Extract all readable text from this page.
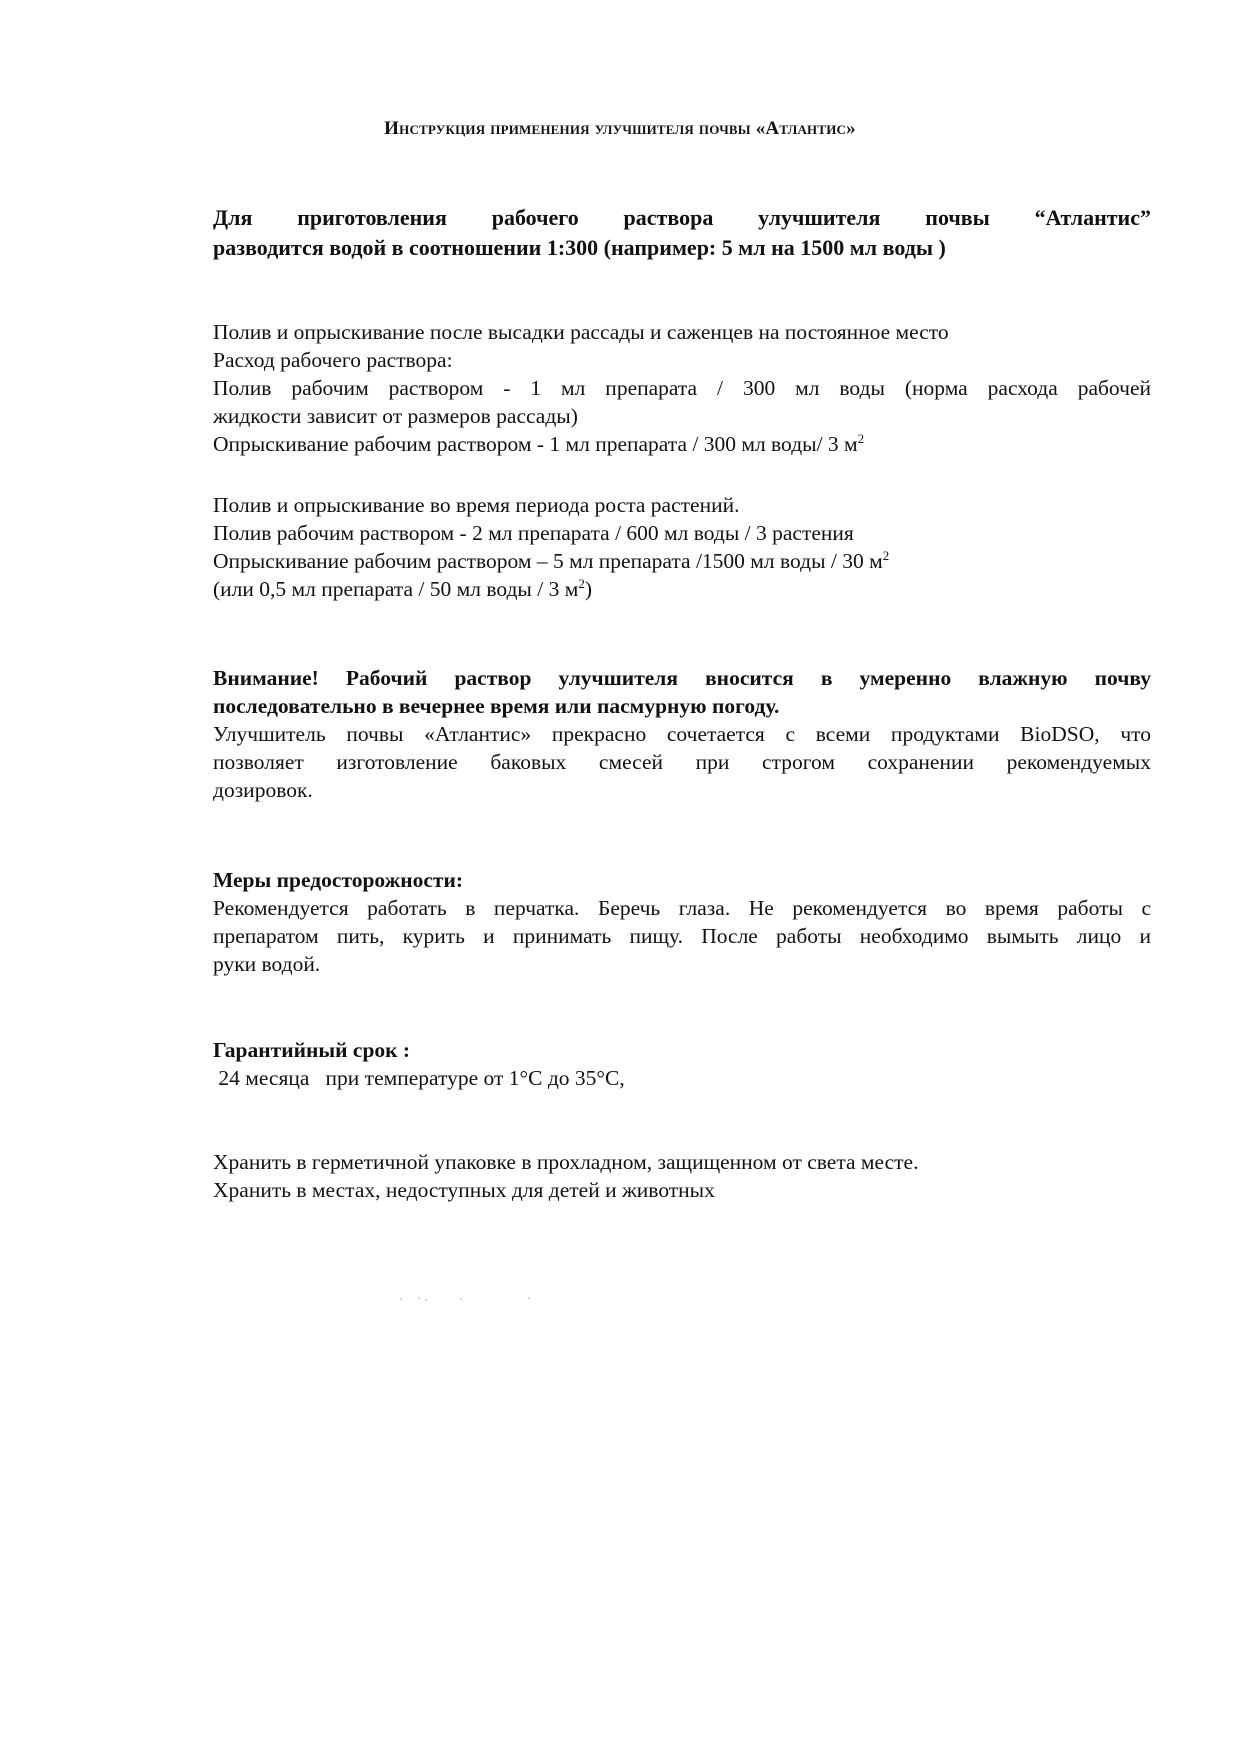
Инструкция применения улучшителя почвы «Атлантис»
Для приготовления рабочего раствора улучшителя почвы “Атлантис”
разводится водой в соотношении 1:300 (например: 5 мл на 1500 мл воды )
Полив и опрыскивание после высадки рассады и саженцев на постоянное место
Расход рабочего раствора:
Полив рабочим раствором - 1 мл препарата / 300 мл воды (норма расхода рабочей
жидкости зависит от размеров рассады)
Опрыскивание рабочим раствором - 1 мл препарата / 300 мл воды/ 3 $м^2$
Полив и опрыскивание во время периода роста растений.
Полив рабочим раствором - 2 мл препарата / 600 мл воды / 3 растения
Опрыскивание рабочим раствором – 5 мл препарата /1500 мл воды / 30 $м^2$
(или 0,5 мл препарата / 50 мл воды / 3 $м^2$)
Внимание! Рабочий раствор улучшителя вносится в умеренно влажную почву
последовательно в вечернее время или пасмурную погоду.
Улучшитель почвы «Атлантис» прекрасно сочетается с всеми продуктами BioDSO, что
позволяет изготовление баковых смесей при строгом сохранении рекомендуемых
дозировок.
Меры предосторожности:
Рекомендуется работать в перчатка. Беречь глаза. Не рекомендуется во время работы с
препаратом пить, курить и принимать пищу. После работы необходимо вымыть лицо и
руки водой.
Гарантийный срок :
24 месяца   при температуре от 1°С до 35°С,
Хранить в герметичной упаковке в прохладном, защищенном от света месте.
Хранить в местах, недоступных для детей и животных
